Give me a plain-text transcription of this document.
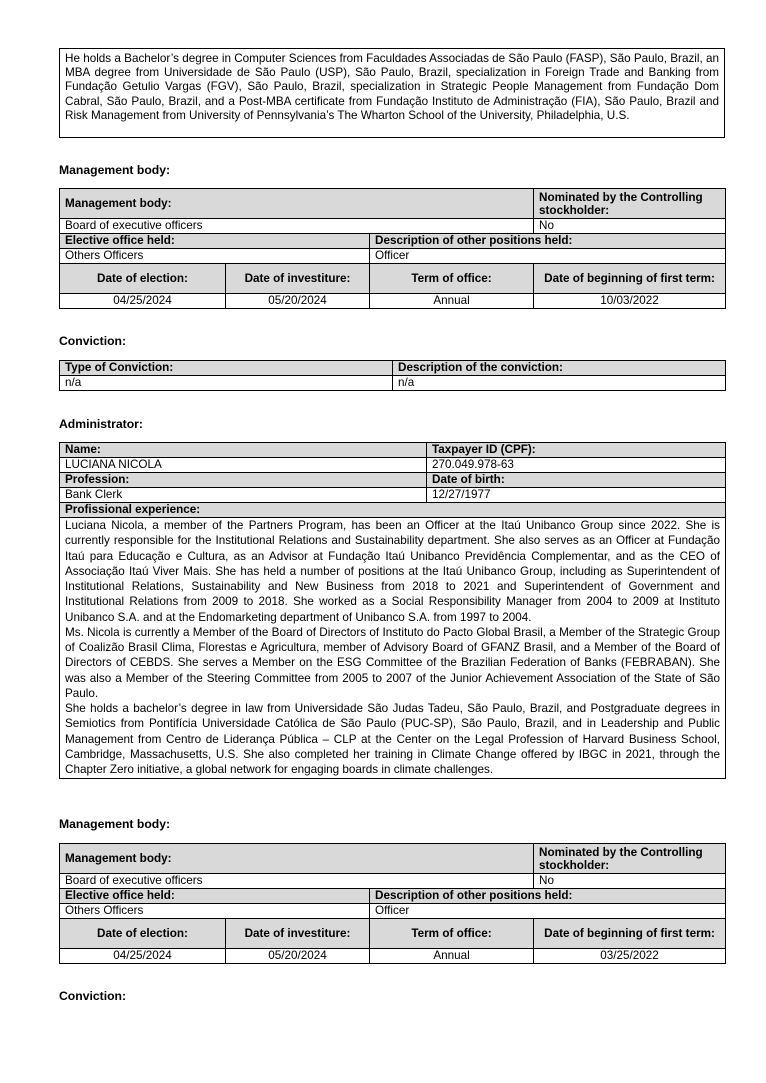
He holds a Bachelor’s degree in Computer Sciences from Faculdades Associadas de São Paulo (FASP), São Paulo, Brazil, an MBA degree from Universidade de São Paulo (USP), São Paulo, Brazil, specialization in Foreign Trade and Banking from Fundação Getulio Vargas (FGV), São Paulo, Brazil, specialization in Strategic People Management from Fundação Dom Cabral, São Paulo, Brazil, and a Post-MBA certificate from Fundação Instituto de Administração (FIA), São Paulo, Brazil and Risk Management from University of Pennsylvania’s The Wharton School of the University, Philadelphia, U.S.
Management body:
Management body:			Nominated by the Controlling stockholder:
Board of executive officers			No
Elective office held:		Description of other positions held:	
Others Officers		Officer	
Date of election:	Date of investiture:	Term of office:	Date of beginning of first term:
04/25/2024	05/20/2024	Annual	10/03/2022
Conviction:
Type of Conviction:	Description of the conviction:
n/a	n/a
Administrator:
Name:	Taxpayer ID (CPF):
LUCIANA NICOLA	270.049.978-63
Profession:	Date of birth:
Bank Clerk	12/27/1977
Profissional experience:	

Luciana Nicola, a member of the Partners Program, has been an Officer at the Itaú Unibanco Group since 2022. She is currently responsible for the Institutional Relations and Sustainability department. She also serves as an Officer at Fundação Itaú para Educação e Cultura, as an Advisor at Fundação Itaú Unibanco Previdência Complementar, and as the CEO of Associação Itaú Viver Mais. She has held a number of positions at the Itaú Unibanco Group, including as Superintendent of Institutional Relations, Sustainability and New Business from 2018 to 2021 and Superintendent of Government and Institutional Relations from 2009 to 2018. She worked as a Social Responsibility Manager from 2004 to 2009 at Instituto Unibanco S.A. and at the Endomarketing department of Unibanco S.A. from 1997 to 2004.
Ms. Nicola is currently a Member of the Board of Directors of Instituto do Pacto Global Brasil, a Member of the Strategic Group of Coalizão Brasil Clima, Florestas e Agricultura, member of Advisory Board of GFANZ Brasil, and a Member of the Board of Directors of CEBDS. She serves a Member on the ESG Committee of the Brazilian Federation of Banks (FEBRABAN). She was also a Member of the Steering Committee from 2005 to 2007 of the Junior Achievement Association of the State of São Paulo.
She holds a bachelor’s degree in law from Universidade São Judas Tadeu, São Paulo, Brazil, and Postgraduate degrees in Semiotics from Pontifícia Universidade Católica de São Paulo (PUC-SP), São Paulo, Brazil, and in Leadership and Public Management from Centro de Liderança Pública – CLP at the Center on the Legal Profession of Harvard Business School, Cambridge, Massachusetts, U.S. She also completed her training in Climate Change offered by IBGC in 2021, through the Chapter Zero initiative, a global network for engaging boards in climate challenges.	
Management body:
Management body:			Nominated by the Controlling stockholder:
Board of executive officers			No
Elective office held:		Description of other positions held:	
Others Officers		Officer	
Date of election:	Date of investiture:	Term of office:	Date of beginning of first term:
04/25/2024	05/20/2024	Annual	03/25/2022
Conviction:
